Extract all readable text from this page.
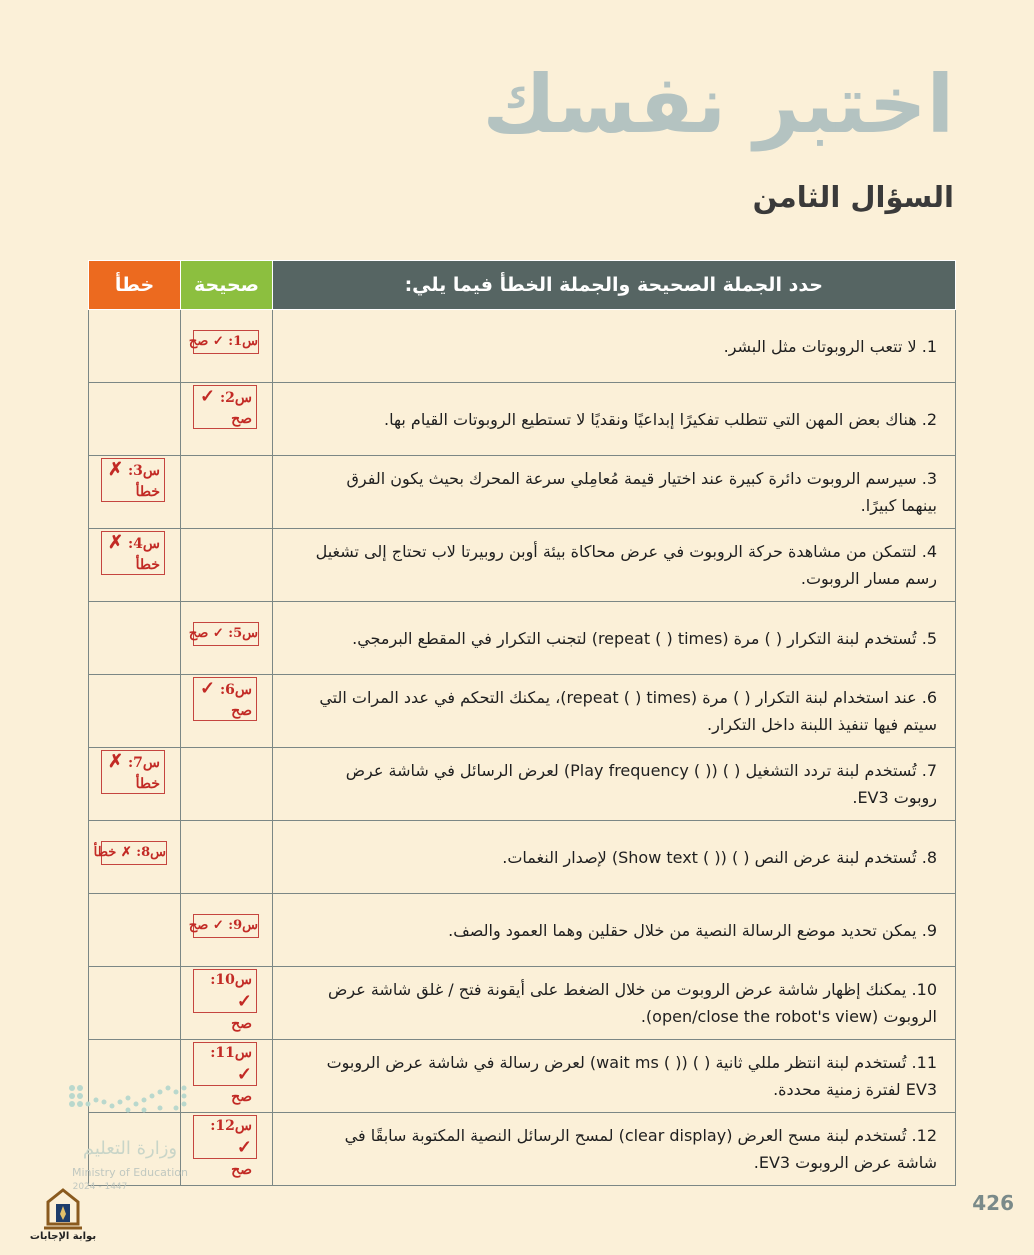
اختبر نفسك
السؤال الثامن
حدد الجملة الصحيحة والجملة الخطأ فيما يلي:	صحيحة	خطأ
1. لا تتعب الروبوتات مثل البشر.	س1: ✓ صح	

2. هناك بعض المهن التي تتطلب تفكيرًا إبداعيًا ونقديًا لا تستطيع الروبوتات القيام بها.	س2: ✓
صح	

3. سيرسم الروبوت دائرة كبيرة عند اختيار قيمة مُعامِلي سرعة المحرك بحيث يكون الفرق بينهما كبيرًا.		س3: ✗
خطأ

4. لتتمكن من مشاهدة حركة الروبوت في عرض محاكاة بيئة أوبن روبيرتا لاب تحتاج إلى تشغيل رسم مسار الروبوت.		س4: ✗
خطأ

5. تُستخدم لبنة التكرار ( ) مرة (repeat ( ) times) لتجنب التكرار في المقطع البرمجي.	س5: ✓ صح	

6. عند استخدام لبنة التكرار ( ) مرة (repeat ( ) times)، يمكنك التحكم في عدد المرات التي سيتم فيها تنفيذ اللبنة داخل التكرار.	س6: ✓
صح	

7. تُستخدم لبنة تردد التشغيل ( ) (( ) Play frequency) لعرض الرسائل في شاشة عرض روبوت EV3.		س7: ✗
خطأ

8. تُستخدم لبنة عرض النص ( ) (( ) Show text) لإصدار النغمات.		س8: ✗ خطأ

9. يمكن تحديد موضع الرسالة النصية من خلال حقلين وهما العمود والصف.	س9: ✓ صح	

10. يمكنك إظهار شاشة عرض الروبوت من خلال الضغط على أيقونة فتح / غلق شاشة عرض الروبوت (open/close the robot's view).	س10: ✓
صح	

11. تُستخدم لبنة انتظر مللي ثانية ( ) (( ) wait ms) لعرض رسالة في شاشة عرض الروبوت EV3 لفترة زمنية محددة.	س11: ✓
صح	

12. تُستخدم لبنة مسح العرض (clear display) لمسح الرسائل النصية المكتوبة سابقًا في شاشة عرض الروبوت EV3.	س12: ✓
صح	

وزارة التعليم
Ministry of Education
2024 - 1447
بوابة الإجابات
426
